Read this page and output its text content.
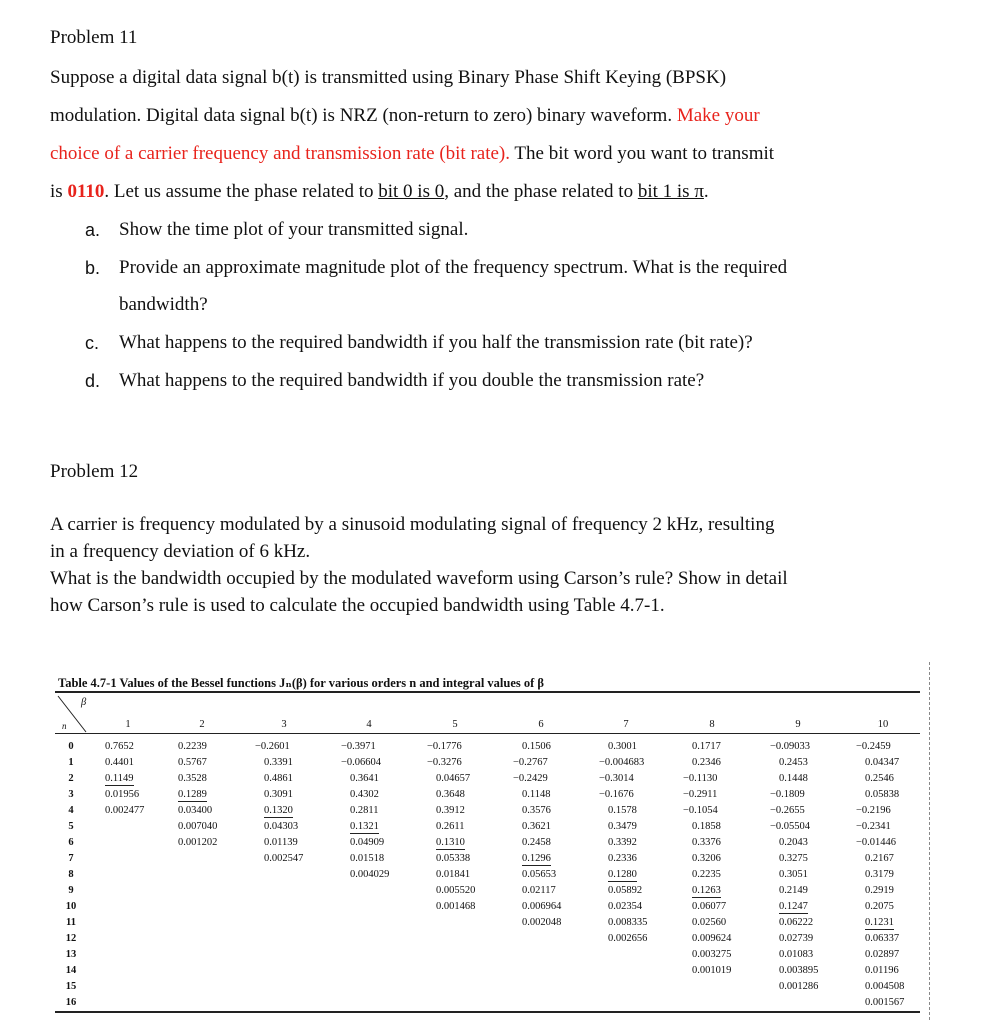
Problem 11
Suppose a digital data signal b(t) is transmitted using Binary Phase Shift Keying (BPSK)
modulation. Digital data signal b(t) is NRZ (non-return to zero) binary waveform. Make your
choice of a carrier frequency and transmission rate (bit rate). The bit word you want to transmit
is 0110. Let us assume the phase related to bit 0 is 0, and the phase related to bit 1 is π.
a. Show the time plot of your transmitted signal.
b. Provide an approximate magnitude plot of the frequency spectrum. What is the required
bandwidth?
c. What happens to the required bandwidth if you half the transmission rate (bit rate)?
d. What happens to the required bandwidth if you double the transmission rate?
Problem 12
A carrier is frequency modulated by a sinusoid modulating signal of frequency 2 kHz, resulting
in a frequency deviation of 6 kHz.
What is the bandwidth occupied by the modulated waveform using Carson’s rule? Show in detail
how Carson’s rule is used to calculate the occupied bandwidth using Table 4.7-1.
Table 4.7-1 Values of the Bessel functions Jₙ(β) for various orders n and integral values of β
β
n
0
1
2
3
4
5
6
7
8
9
10
11
12
13
14
15
16
1
0.7652
0.4401
0.1149
0.01956
0.002477
2
0.2239
0.5767
0.3528
0.1289
0.03400
0.007040
0.001202
3
−0.2601
0.3391
0.4861
0.3091
0.1320
0.04303
0.01139
0.002547
4
−0.3971
−0.06604
0.3641
0.4302
0.2811
0.1321
0.04909
0.01518
0.004029
5
−0.1776
−0.3276
0.04657
0.3648
0.3912
0.2611
0.1310
0.05338
0.01841
0.005520
0.001468
6
0.1506
−0.2767
−0.2429
0.1148
0.3576
0.3621
0.2458
0.1296
0.05653
0.02117
0.006964
0.002048
7
0.3001
−0.004683
−0.3014
−0.1676
0.1578
0.3479
0.3392
0.2336
0.1280
0.05892
0.02354
0.008335
0.002656
8
0.1717
0.2346
−0.1130
−0.2911
−0.1054
0.1858
0.3376
0.3206
0.2235
0.1263
0.06077
0.02560
0.009624
0.003275
0.001019
9
−0.09033
0.2453
0.1448
−0.1809
−0.2655
−0.05504
0.2043
0.3275
0.3051
0.2149
0.1247
0.06222
0.02739
0.01083
0.003895
0.001286
10
−0.2459
0.04347
0.2546
0.05838
−0.2196
−0.2341
−0.01446
0.2167
0.3179
0.2919
0.2075
0.1231
0.06337
0.02897
0.01196
0.004508
0.001567
